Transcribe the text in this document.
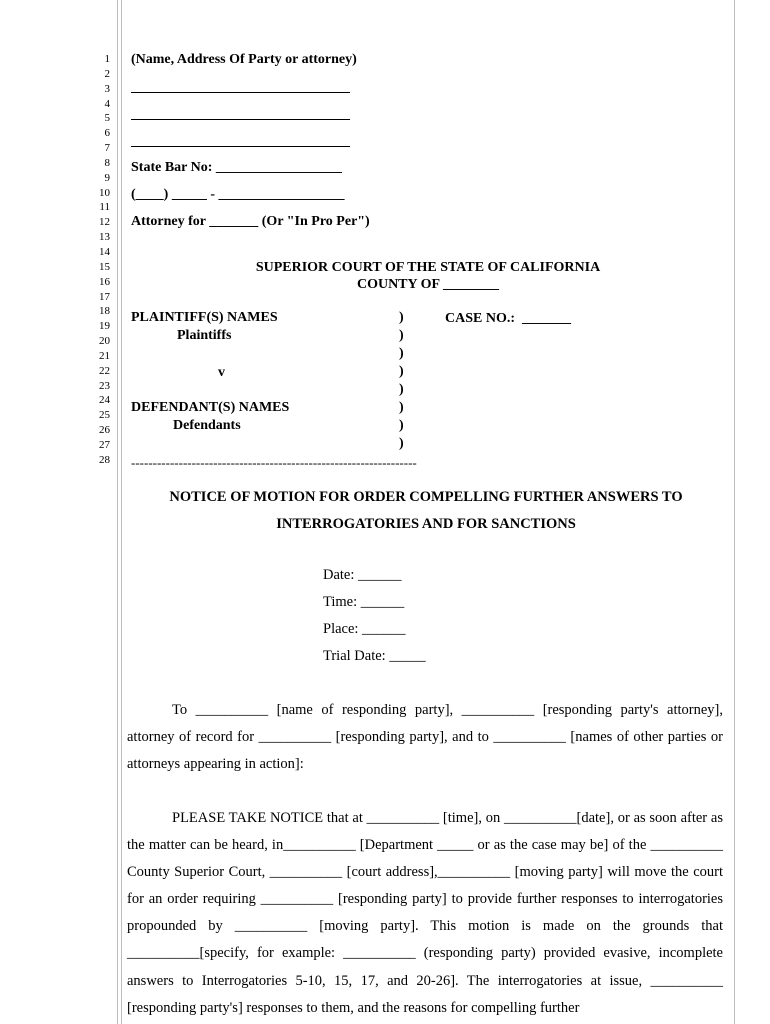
1
2
3
4
5
6
7
8
9
10
11
12
13
14
15
16
17
18
19
20
21
22
23
24
25
26
27
28
(Name, Address Of Party or attorney)
State Bar No: __________________
(____) _____ - __________________
Attorney for _______ (Or "In Pro Per")
SUPERIOR COURT OF THE STATE OF CALIFORNIA
COUNTY OF ________
PLAINTIFF(S) NAMES
Plaintiffs
v
DEFENDANT(S) NAMES
Defendants
CASE NO.:  _______
)
)
)
)
)
)
)
)
------------------------------------------------------------------
NOTICE OF MOTION FOR ORDER COMPELLING FURTHER ANSWERS TO INTERROGATORIES AND FOR SANCTIONS
Date: ______
Time: ______
Place: ______
Trial Date: _____

To __________ [name of responding party], __________ [responding party's attorney], attorney of record for __________ [responding party], and to __________ [names of other parties or attorneys appearing in action]:

PLEASE TAKE NOTICE that at __________ [time], on __________[date], or as soon after as the matter can be heard, in__________ [Department _____ or as the case may be] of the __________ County Superior Court, __________ [court address],__________ [moving party] will move the court for an order requiring __________ [responding party] to provide further responses to interrogatories propounded by __________ [moving party]. This motion is made on the grounds that __________[specify, for example: __________ (responding party) provided evasive, incomplete answers to Interrogatories 5-10, 15, 17, and 20-26]. The interrogatories at issue, __________ [responding party's] responses to them, and the reasons for compelling further
